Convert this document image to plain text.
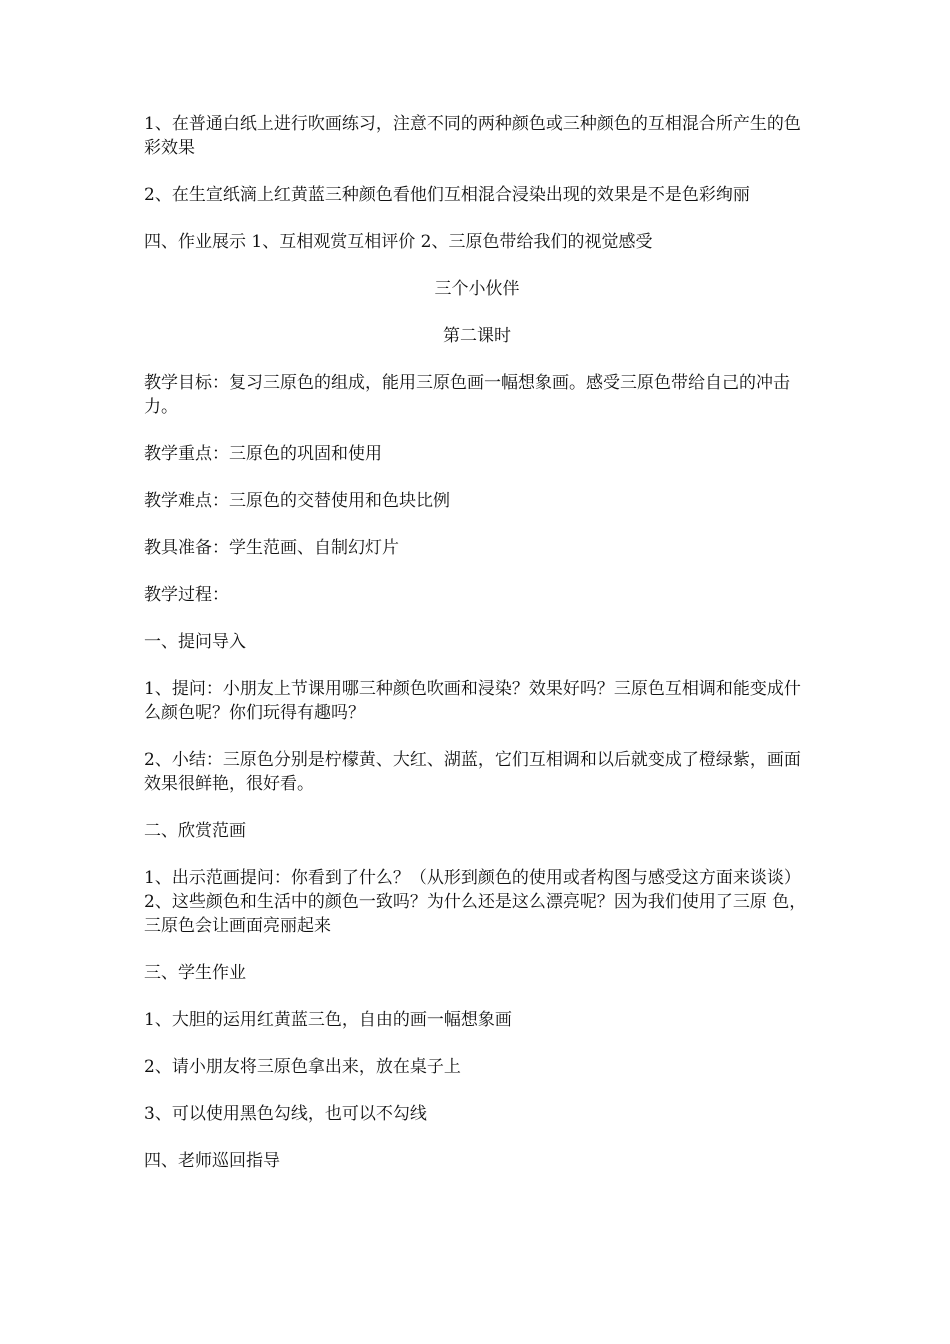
1、在普通白纸上进行吹画练习，注意不同的两种颜色或三种颜色的互相混合所产生的色彩效果

2、在生宣纸滴上红黄蓝三种颜色看他们互相混合浸染出现的效果是不是色彩绚丽

四、作业展示 1、互相观赏互相评价 2、三原色带给我们的视觉感受

三个小伙伴

第二课时

教学目标：复习三原色的组成，能用三原色画一幅想象画。感受三原色带给自己的冲击力。

教学重点：三原色的巩固和使用

教学难点：三原色的交替使用和色块比例

教具准备：学生范画、自制幻灯片

教学过程：

一、提问导入

1、提问：小朋友上节课用哪三种颜色吹画和浸染？效果好吗？三原色互相调和能变成什么颜色呢？你们玩得有趣吗？

2、小结：三原色分别是柠檬黄、大红、湖蓝，它们互相调和以后就变成了橙绿紫，画面效果很鲜艳，很好看。

二、欣赏范画

1、出示范画提问：你看到了什么？（从形到颜色的使用或者构图与感受这方面来谈谈）2、这些颜色和生活中的颜色一致吗？为什么还是这么漂亮呢？因为我们使用了三原 色，三原色会让画面亮丽起来

三、学生作业

1、大胆的运用红黄蓝三色，自由的画一幅想象画

2、请小朋友将三原色拿出来，放在桌子上

3、可以使用黑色勾线，也可以不勾线

四、老师巡回指导
